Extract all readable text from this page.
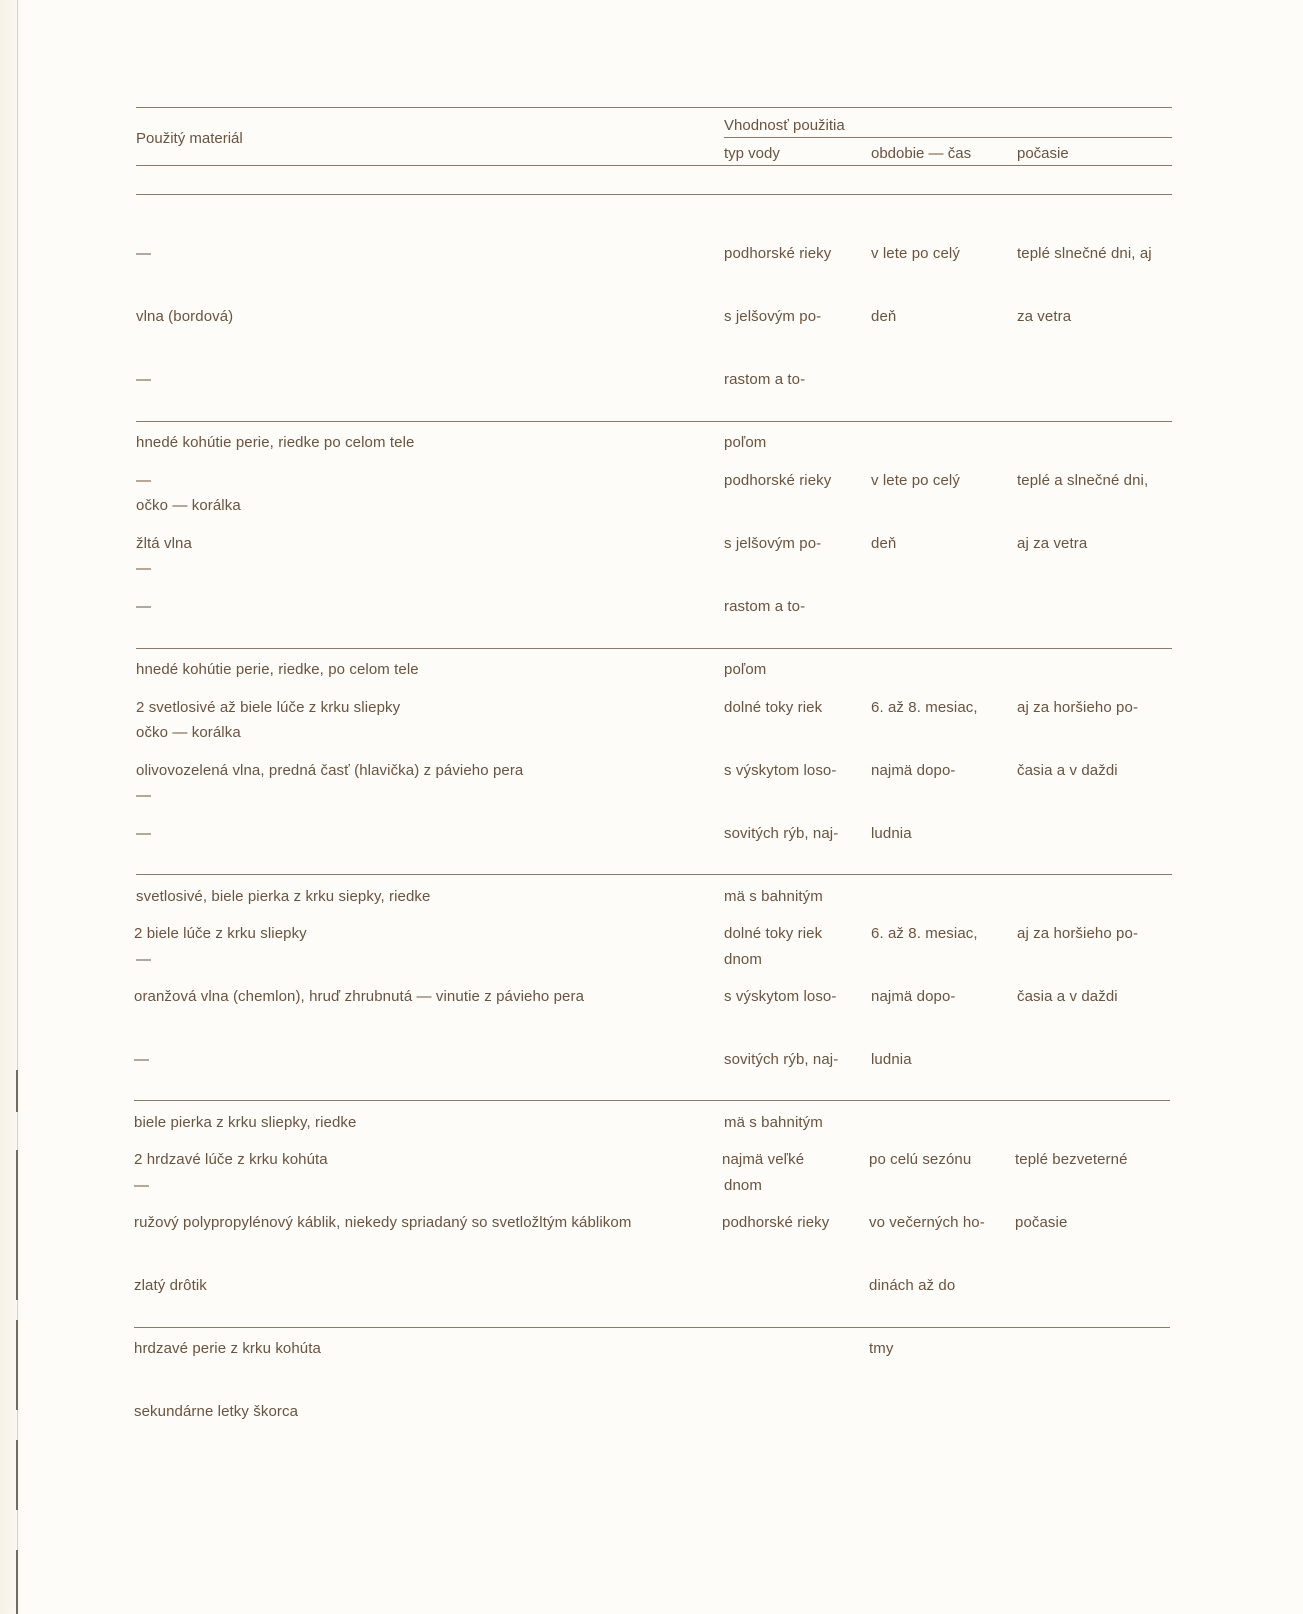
Použitý materiál
Vhodnosť použitia
typ vody	obdobie — čas	počasie

—

vlna (bordová)

—

hnedé kohútie perie, riedke po celom tele

očko — korálka

—

podhorské rieky

s jelšovým po-

rastom a to-

poľom

v lete po celý

deň

teplé slnečné dni, aj

za vetra

—

žltá vlna

—

hnedé kohútie perie, riedke, po celom tele

očko — korálka

—

podhorské rieky

s jelšovým po-

rastom a to-

poľom

v lete po celý

deň

teplé a slnečné dni,

aj za vetra

2 svetlosivé až biele lúče z krku sliepky

olivovozelená vlna, predná časť (hlavička) z pávieho pera

—

svetlosivé, biele pierka z krku siepky, riedke

—

dolné toky riek

s výskytom loso-

sovitých rýb, naj-

mä s bahnitým

dnom

6. až 8. mesiac,

najmä dopo-

ludnia

aj za horšieho po-

časia a v daždi

2 biele lúče z krku sliepky

oranžová vlna (chemlon), hruď zhrubnutá — vinutie z pávieho pera

—

biele pierka z krku sliepky, riedke

—

dolné toky riek

s výskytom loso-

sovitých rýb, naj-

mä s bahnitým

dnom

6. až 8. mesiac,

najmä dopo-

ludnia

aj za horšieho po-

časia a v daždi

2 hrdzavé lúče z krku kohúta

ružový polypropylénový káblik, niekedy spriadaný so svetložltým káblikom

zlatý drôtik

hrdzavé perie z krku kohúta

sekundárne letky škorca

najmä veľké

podhorské rieky

po celú sezónu

vo večerných ho-

dinách až do

tmy

teplé bezveterné

počasie
